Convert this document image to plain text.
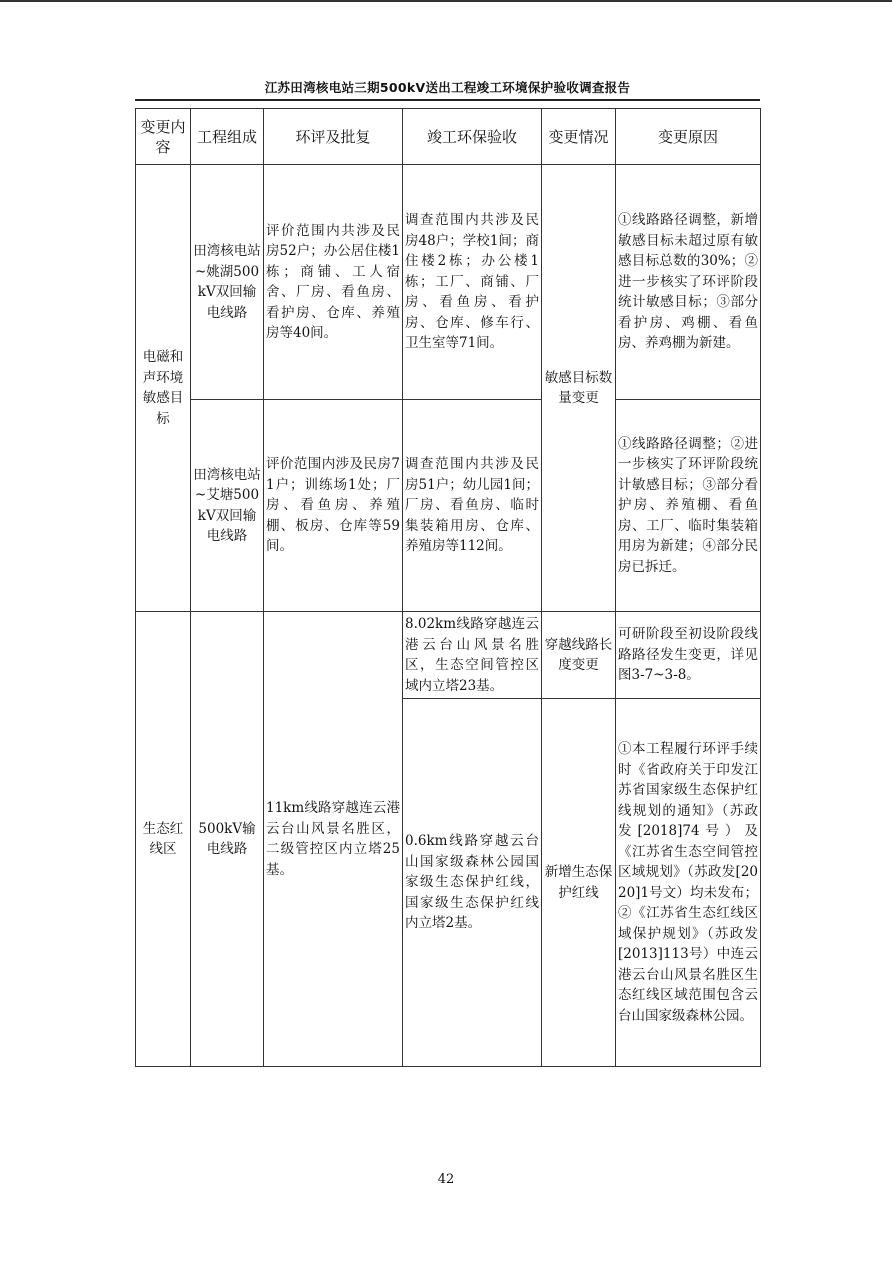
江苏田湾核电站三期500kV送出工程竣工环境保护验收调查报告
变更内容	工程组成	环评及批复	竣工环保验收	变更情况	变更原因
电磁和声环境敏感目标	田湾核电站~姚湖500kV双回输电线路	评价范围内共涉及民房52户；办公居住楼1栋；商铺、工人宿舍、厂房、看鱼房、看护房、仓库、养殖房等40间。	调查范围内共涉及民房48户；学校1间；商住楼2栋；办公楼1栋；工厂、商铺、厂房、看鱼房、看护房、仓库、修车行、卫生室等71间。	敏感目标数量变更	①线路路径调整，新增敏感目标未超过原有敏感目标总数的30%；②进一步核实了环评阶段统计敏感目标；③部分看护房、鸡棚、看鱼房、养鸡棚为新建。
	田湾核电站~艾塘500kV双回输电线路	评价范围内涉及民房71户；训练场1处；厂房、看鱼房、养殖棚、板房、仓库等59间。	调查范围内共涉及民房51户；幼儿园1间；厂房、看鱼房、临时集装箱用房、仓库、养殖房等112间。		①线路路径调整；②进一步核实了环评阶段统计敏感目标；③部分看护房、养殖棚、看鱼房、工厂、临时集装箱用房为新建；④部分民房已拆迁。
生态红线区	500kV输电线路	11km线路穿越连云港云台山风景名胜区，二级管控区内立塔25基。	8.02km线路穿越连云港云台山风景名胜区，生态空间管控区域内立塔23基。	穿越线路长度变更	可研阶段至初设阶段线路路径发生变更，详见图3-7~3-8。
			0.6km线路穿越云台山国家级森林公园国家级生态保护红线，国家级生态保护红线内立塔2基。	新增生态保护红线	①本工程履行环评手续时《省政府关于印发江苏省国家级生态保护红线规划的通知》（苏政发[2018]74号）及《江苏省生态空间管控区域规划》（苏政发[2020]1号文）均未发布；②《江苏省生态红线区域保护规划》（苏政发[2013]113号）中连云港云台山风景名胜区生态红线区域范围包含云台山国家级森林公园。
42
